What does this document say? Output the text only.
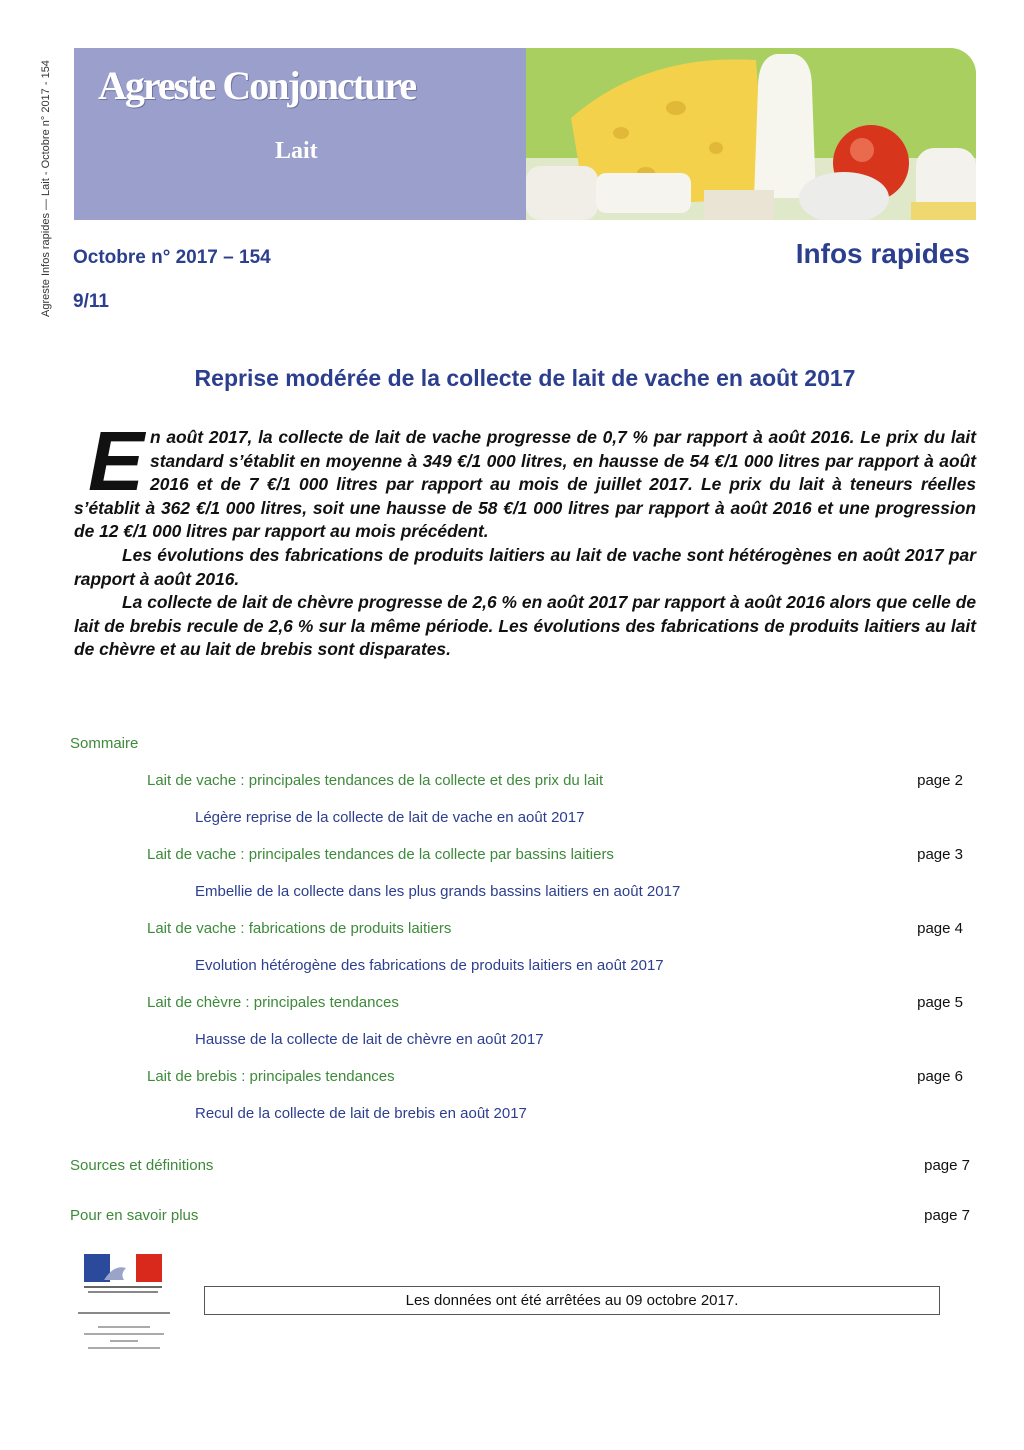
Agreste Infos rapides — Lait - Octobre n° 2017 - 154 Agreste Conjoncture
Lait
Octobre n° 2017 – 154
9/11
Infos rapides
Reprise modérée de la collecte de lait de vache en août 2017
E n août 2017, la collecte de lait de vache progresse de 0,7 % par rapport à août 2016. Le prix du lait standard s’établit en moyenne à 349 €/1 000 litres, en hausse de 54 €/1 000 litres par rapport à août 2016 et de 7 €/1 000 litres par rapport au mois de juillet 2017. Le prix du lait à teneurs réelles s’établit à 362 €/1 000 litres, soit une hausse de 58 €/1 000 litres par rapport à août 2016 et une progression de 12 €/1 000 litres par rapport au mois précédent.

Les évolutions des fabrications de produits laitiers au lait de vache sont hétérogènes en août 2017 par rapport à août 2016.

La collecte de lait de chèvre progresse de 2,6 % en août 2017 par rapport à août 2016 alors que celle de lait de brebis recule de 2,6 % sur la même période. Les évolutions des fabrications de produits laitiers au lait de chèvre et au lait de brebis sont disparates.

Sommaire
Lait de vache : principales tendances de la collecte et des prix du lait	page 2
Légère reprise de la collecte de lait de vache en août 2017
Lait de vache : principales tendances de la collecte par bassins laitiers	page 3
Embellie de la collecte dans les plus grands bassins laitiers en août 2017
Lait de vache : fabrications de produits laitiers	page 4
Evolution hétérogène des fabrications de produits laitiers en août 2017
Lait de chèvre : principales tendances	page 5
Hausse de la collecte de lait de chèvre en août 2017
Lait de brebis : principales tendances	page 6
Recul de la collecte de lait de brebis en août 2017
Sources et définitions	page 7
Pour en savoir plus	page 7
Les données ont été arrêtées au 09 octobre 2017.
